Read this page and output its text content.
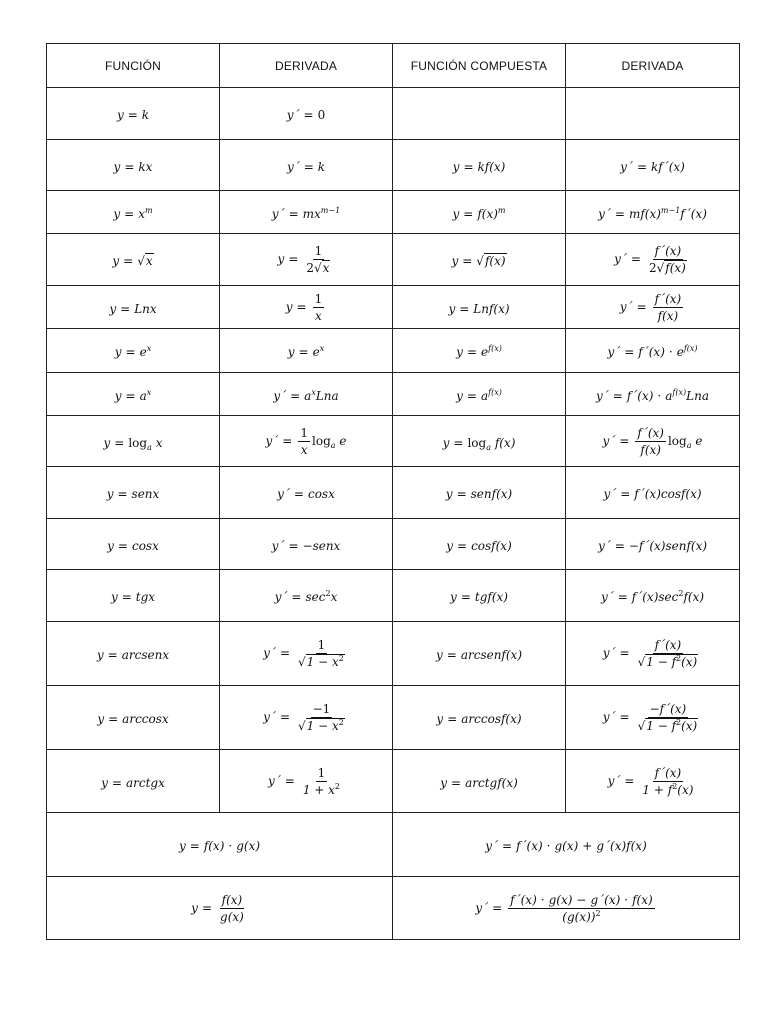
FUNCIÓN	DERIVADA	FUNCIÓN COMPUESTA	DERIVADA
y = k	y´ = 0		
y = kx	y´ = k	y = kf(x)	y´ = kf´(x)
$y = x^m$	y´ = $mx^{m-1}$	$y = f(x)^m$	y´ = $mf(x)^{m-1}f´(x)$
y = √x	$y = \frac{1}{2√x}$	y = √f(x)	y´ = $\frac{f´(x)}{2√f(x)}$

y = Lnx	$y = \frac{1}{x}$	y = Lnf(x)	y´ = $\frac{f´(x)}{f(x)}$

$y = e^x$	$y = e^x$	$y = e^{f(x)}$	y´ = f´(x) · $e^{f(x)}$
$y = a^x$	y´ = $a^xLna$	$y = a^{f(x)}$	y´ = f´(x) · $a^{f(x)}Lna$
$y = \log_a x$	y´ = $\frac{1}{x} \log_a e$	$y = \log_a f(x)$	y´ = $\frac{f´(x)}{f(x)} \log_a e$
y = senx	y´ = cosx	y = senf(x)	y´ = f´(x)cosf(x)
y = cosx	y´ = −senx	y = cosf(x)	y´ = −f´(x)senf(x)
y = tgx	y´ = $\sec^2x$	y = tgf(x)	y´ = $f´(x)\sec^2f(x)$
y = arcsenx	y´ = $\frac{1}{√1 - x^2}$	y = arcsenf(x)	y´ = $\frac{f´(x)}{√1 - f^2(x)}$

y = arccosx	y´ = $\frac{-1}{√1 - x^2}$	y = arccosf(x)	y´ = $\frac{-f´(x)}{√1 - f^2(x)}$

y = arctgx	y´ = $\frac{1}{1 + x^2}$	y = arctgf(x)	y´ = $\frac{f´(x)}{1 + f^2(x)}$

y = f(x) · g(x)		y´ = f´(x) · g(x) + g´(x)f(x)	
$y = \frac{f(x)}{g(x)}$		y´ = $\frac{f´(x) \cdot g(x) - g´(x) \cdot f(x)}{(g(x))^2}$
